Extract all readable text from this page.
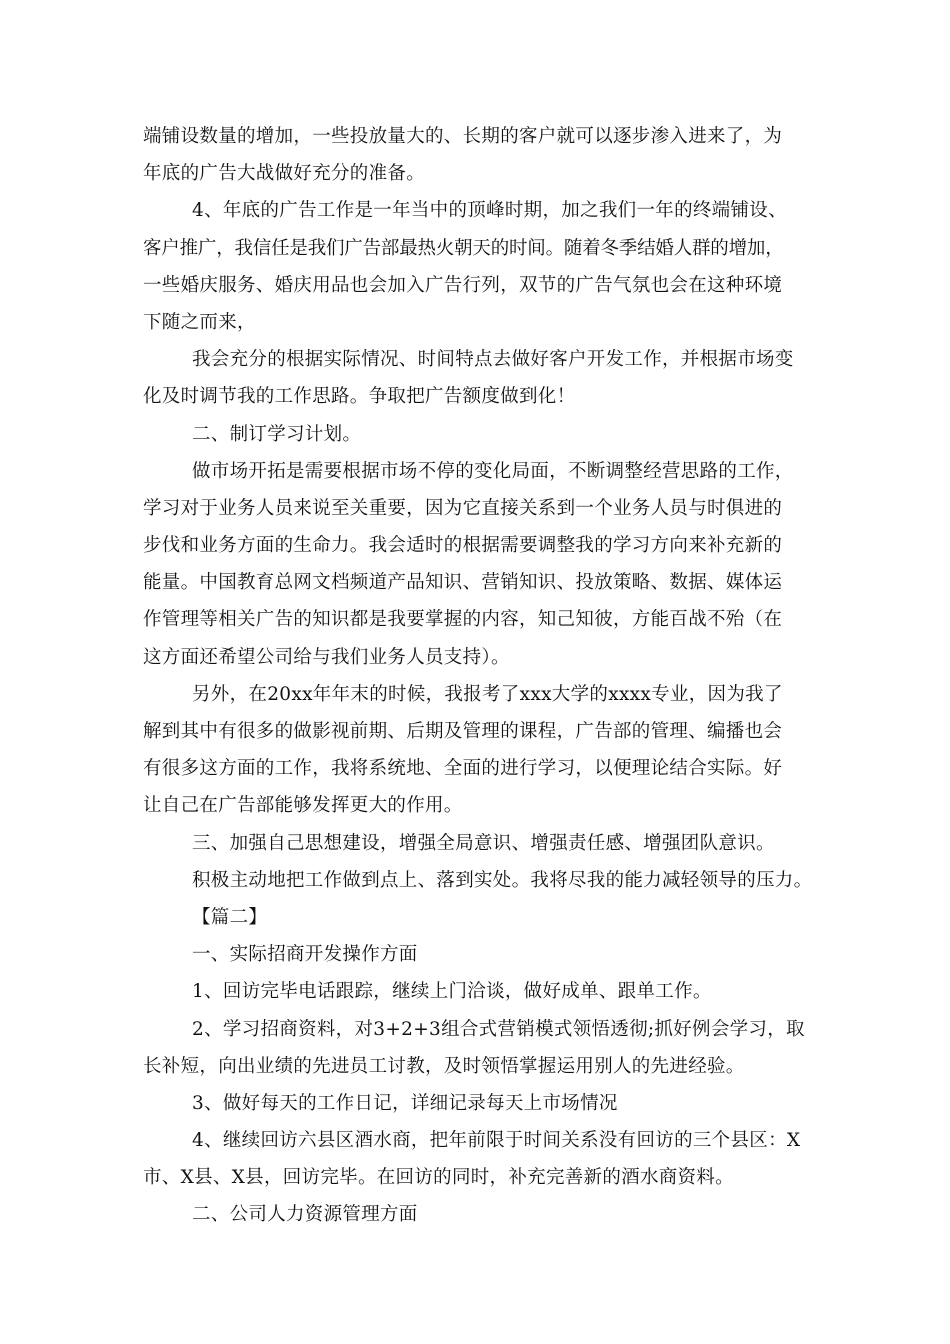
端铺设数量的增加，一些投放量大的、长期的客户就可以逐步渗入进来了，为
年底的广告大战做好充分的准备。
4、年底的广告工作是一年当中的顶峰时期，加之我们一年的终端铺设、
客户推广，我信任是我们广告部最热火朝天的时间。随着冬季结婚人群的增加，
一些婚庆服务、婚庆用品也会加入广告行列，双节的广告气氛也会在这种环境
下随之而来，
我会充分的根据实际情况、时间特点去做好客户开发工作，并根据市场变
化及时调节我的工作思路。争取把广告额度做到化！
二、制订学习计划。
做市场开拓是需要根据市场不停的变化局面，不断调整经营思路的工作，
学习对于业务人员来说至关重要，因为它直接关系到一个业务人员与时俱进的
步伐和业务方面的生命力。我会适时的根据需要调整我的学习方向来补充新的
能量。中国教育总网文档频道产品知识、营销知识、投放策略、数据、媒体运
作管理等相关广告的知识都是我要掌握的内容，知己知彼，方能百战不殆（在
这方面还希望公司给与我们业务人员支持）。
另外，在20xx年年末的时候，我报考了xxx大学的xxxx专业，因为我了
解到其中有很多的做影视前期、后期及管理的课程，广告部的管理、编播也会
有很多这方面的工作，我将系统地、全面的进行学习，以便理论结合实际。好
让自己在广告部能够发挥更大的作用。
三、加强自己思想建设，增强全局意识、增强责任感、增强团队意识。
积极主动地把工作做到点上、落到实处。我将尽我的能力减轻领导的压力。
【篇二】
一、实际招商开发操作方面
1、回访完毕电话跟踪，继续上门洽谈，做好成单、跟单工作。
2、学习招商资料，对3+2+3组合式营销模式领悟透彻;抓好例会学习，取
长补短，向出业绩的先进员工讨教，及时领悟掌握运用别人的先进经验。
3、做好每天的工作日记，详细记录每天上市场情况
4、继续回访六县区酒水商，把年前限于时间关系没有回访的三个县区：X
市、X县、X县，回访完毕。在回访的同时，补充完善新的酒水商资料。
二、公司人力资源管理方面
